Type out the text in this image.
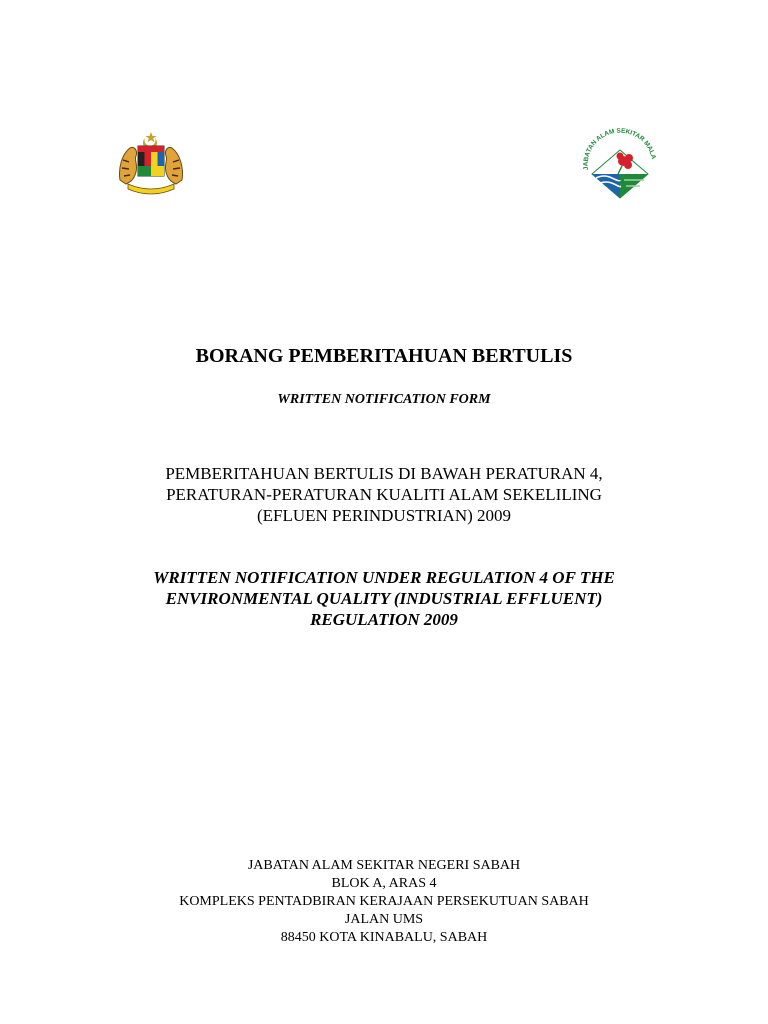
JABATAN ALAM SEKITAR MALA
BORANG PEMBERITAHUAN BERTULIS
WRITTEN NOTIFICATION FORM
PEMBERITAHUAN BERTULIS DI BAWAH PERATURAN 4,
PERATURAN-PERATURAN KUALITI ALAM SEKELILING
(EFLUEN PERINDUSTRIAN) 2009
WRITTEN NOTIFICATION UNDER REGULATION 4 OF THE
ENVIRONMENTAL QUALITY (INDUSTRIAL EFFLUENT)
REGULATION 2009
JABATAN ALAM SEKITAR NEGERI SABAH
BLOK A, ARAS 4
KOMPLEKS PENTADBIRAN KERAJAAN PERSEKUTUAN SABAH
JALAN UMS
88450 KOTA KINABALU, SABAH
